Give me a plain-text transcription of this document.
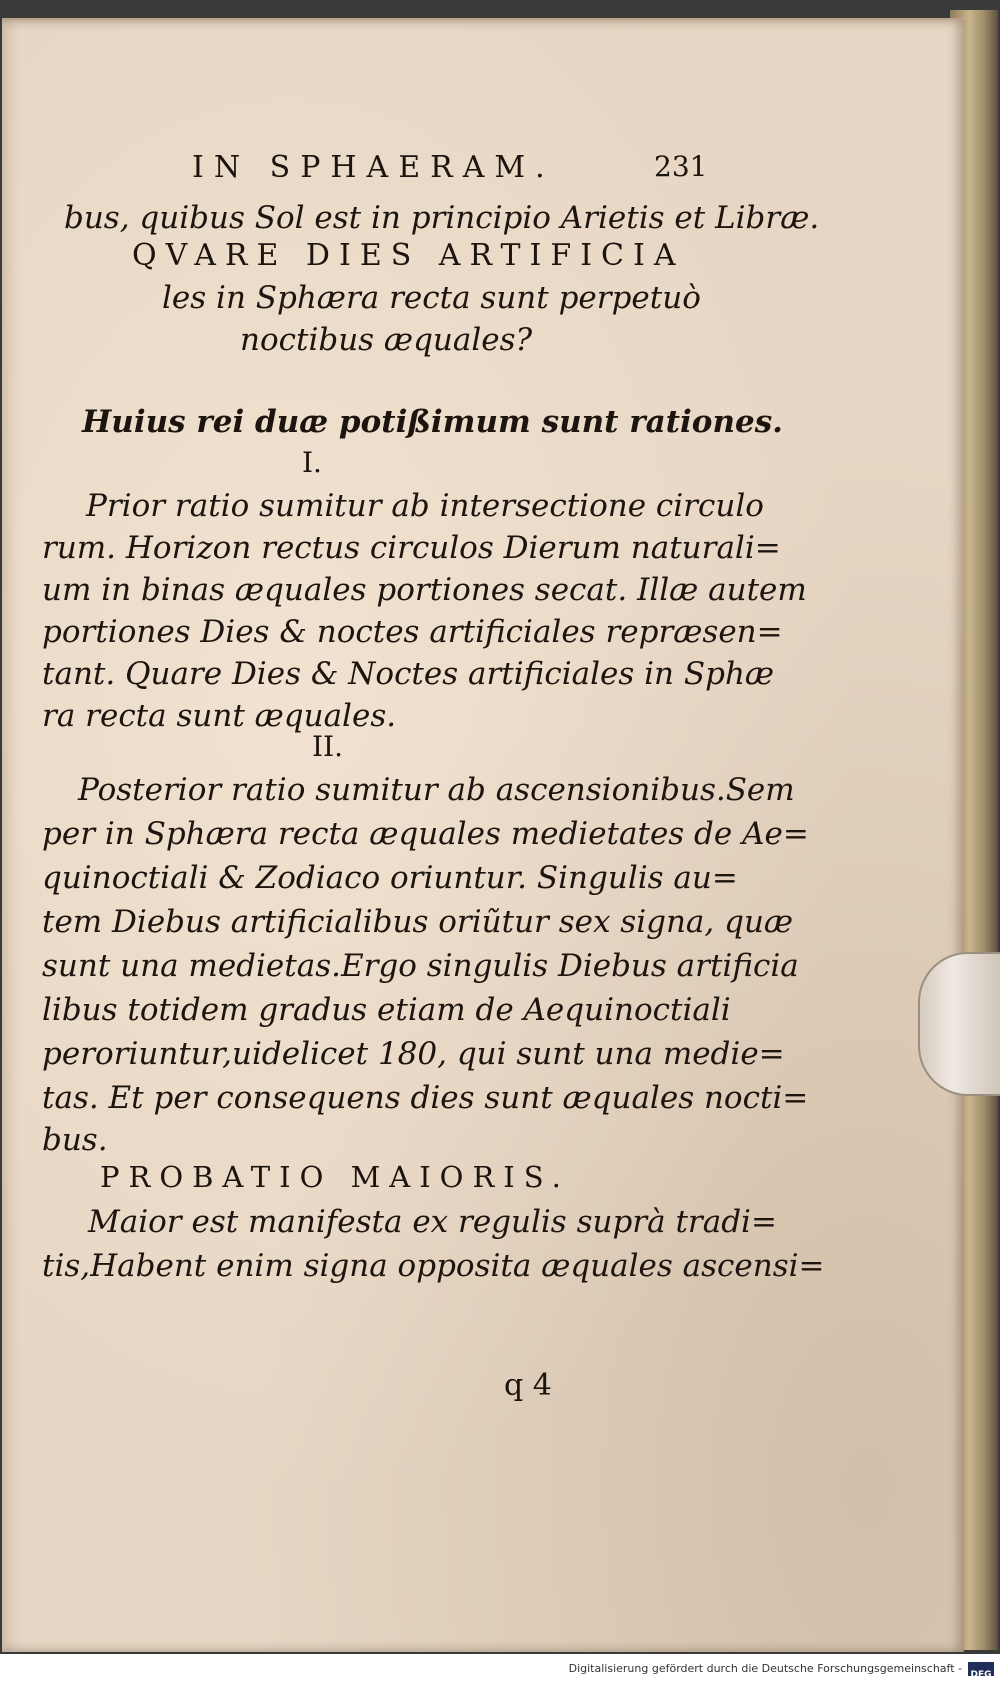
IN SPHAERAM.	231
bus, quibus Sol est in principio Arietis et Libræ.
QVARE DIES ARTIFICIA
les in Sphæra recta sunt perpetuò
noctibus æquales?
Huius rei duæ potißimum sunt rationes.
I.
Prior ratio sumitur ab intersectione circulo
rum. Horizon rectus circulos Dierum naturali=
um in binas æquales portiones secat. Illæ autem
portiones Dies & noctes artificiales repræsen=
tant. Quare Dies & Noctes artificiales in Sphæ
ra recta sunt æquales.
II.
Posterior ratio sumitur ab ascensionibus.Sem
per in Sphæra recta æquales medietates de Ae=
quinoctiali & Zodiaco oriuntur. Singulis au=
tem Diebus artificialibus oriũtur sex signa, quæ
sunt una medietas.Ergo singulis Diebus artificia
libus totidem gradus etiam de Aequinoctiali
peroriuntur,uidelicet 180, qui sunt una medie=
tas. Et per consequens dies sunt æquales nocti=
bus.
PROBATIO MAIORIS.
Maior est manifesta ex regulis suprà tradi=
tis,Habent enim signa opposita æquales ascensi=
q 4
Digitalisierung gefördert durch die Deutsche Forschungsgemeinschaft - DFG
